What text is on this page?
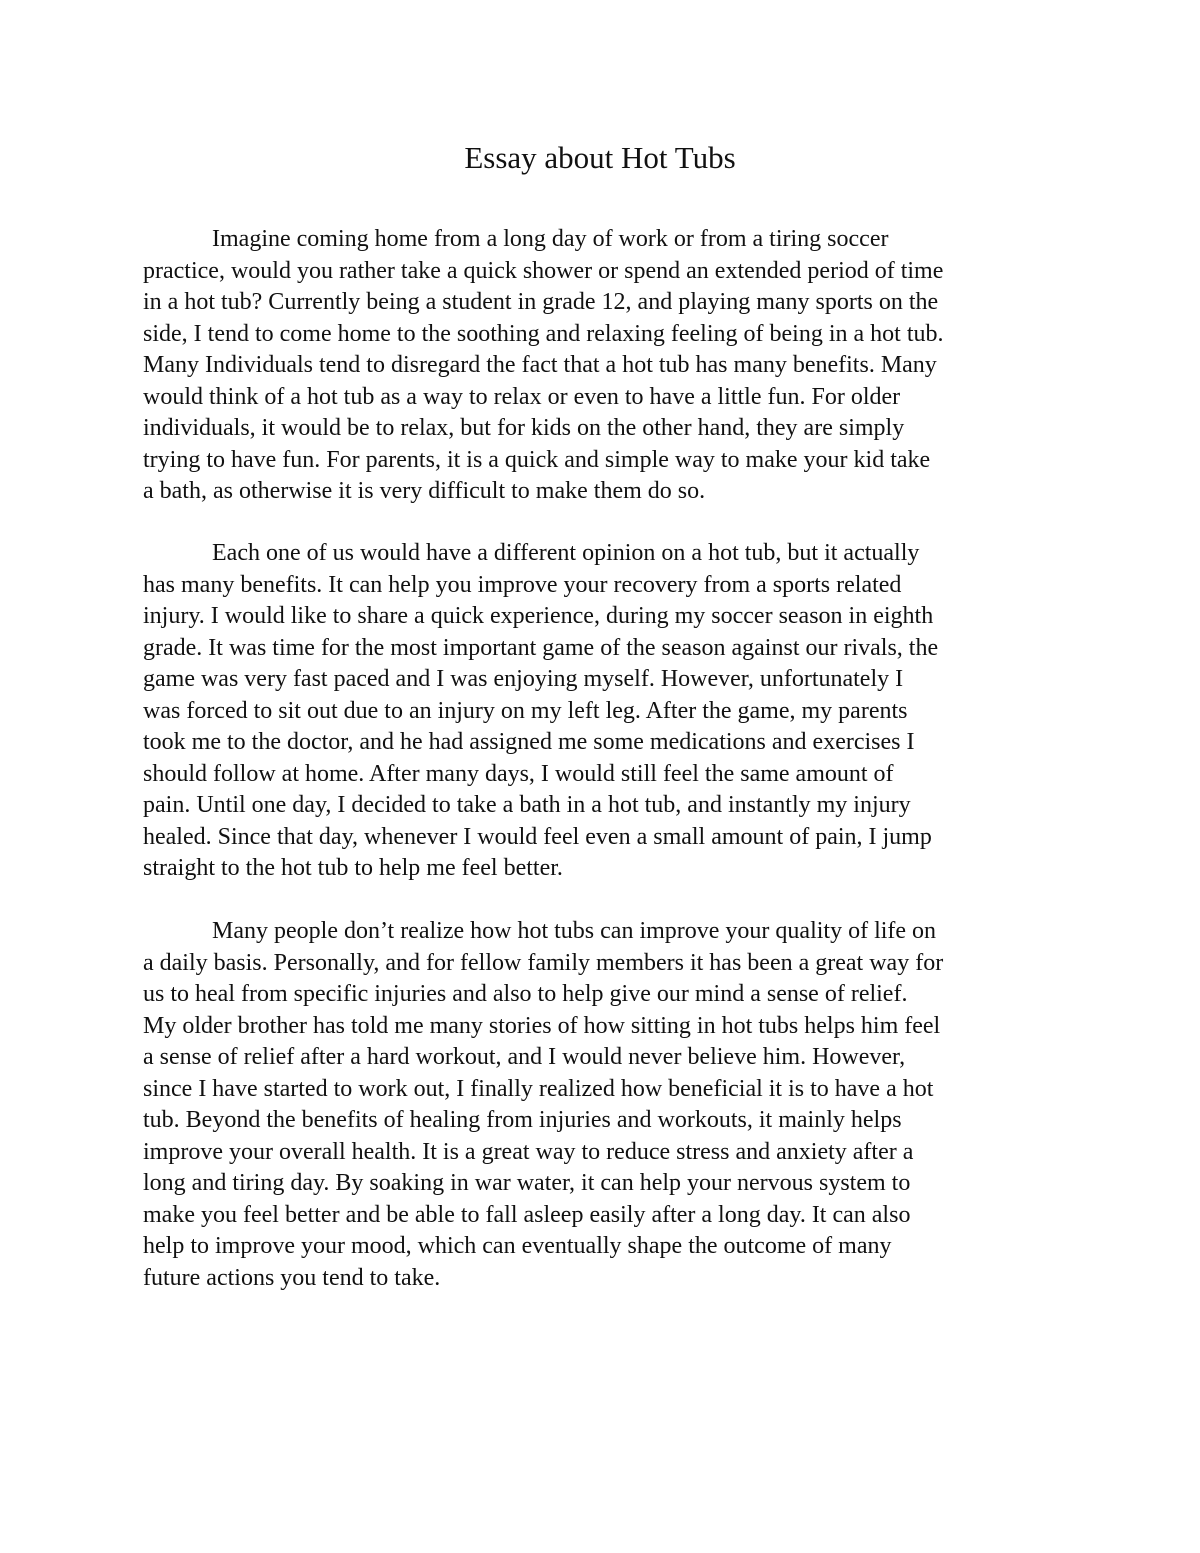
Essay about Hot Tubs
Imagine coming home from a long day of work or from a tiring soccer
practice, would you rather take a quick shower or spend an extended period of time
in a hot tub? Currently being a student in grade 12, and playing many sports on the
side, I tend to come home to the soothing and relaxing feeling of being in a hot tub.
Many Individuals tend to disregard the fact that a hot tub has many benefits. Many
would think of a hot tub as a way to relax or even to have a little fun. For older
individuals, it would be to relax, but for kids on the other hand, they are simply
trying to have fun. For parents, it is a quick and simple way to make your kid take
a bath, as otherwise it is very difficult to make them do so.
Each one of us would have a different opinion on a hot tub, but it actually
has many benefits. It can help you improve your recovery from a sports related
injury. I would like to share a quick experience, during my soccer season in eighth
grade. It was time for the most important game of the season against our rivals, the
game was very fast paced and I was enjoying myself. However, unfortunately I
was forced to sit out due to an injury on my left leg. After the game, my parents
took me to the doctor, and he had assigned me some medications and exercises I
should follow at home. After many days, I would still feel the same amount of
pain. Until one day, I decided to take a bath in a hot tub, and instantly my injury
healed. Since that day, whenever I would feel even a small amount of pain, I jump
straight to the hot tub to help me feel better.
Many people don’t realize how hot tubs can improve your quality of life on
a daily basis. Personally, and for fellow family members it has been a great way for
us to heal from specific injuries and also to help give our mind a sense of relief.
My older brother has told me many stories of how sitting in hot tubs helps him feel
a sense of relief after a hard workout, and I would never believe him. However,
since I have started to work out, I finally realized how beneficial it is to have a hot
tub. Beyond the benefits of healing from injuries and workouts, it mainly helps
improve your overall health. It is a great way to reduce stress and anxiety after a
long and tiring day. By soaking in war water, it can help your nervous system to
make you feel better and be able to fall asleep easily after a long day. It can also
help to improve your mood, which can eventually shape the outcome of many
future actions you tend to take.
